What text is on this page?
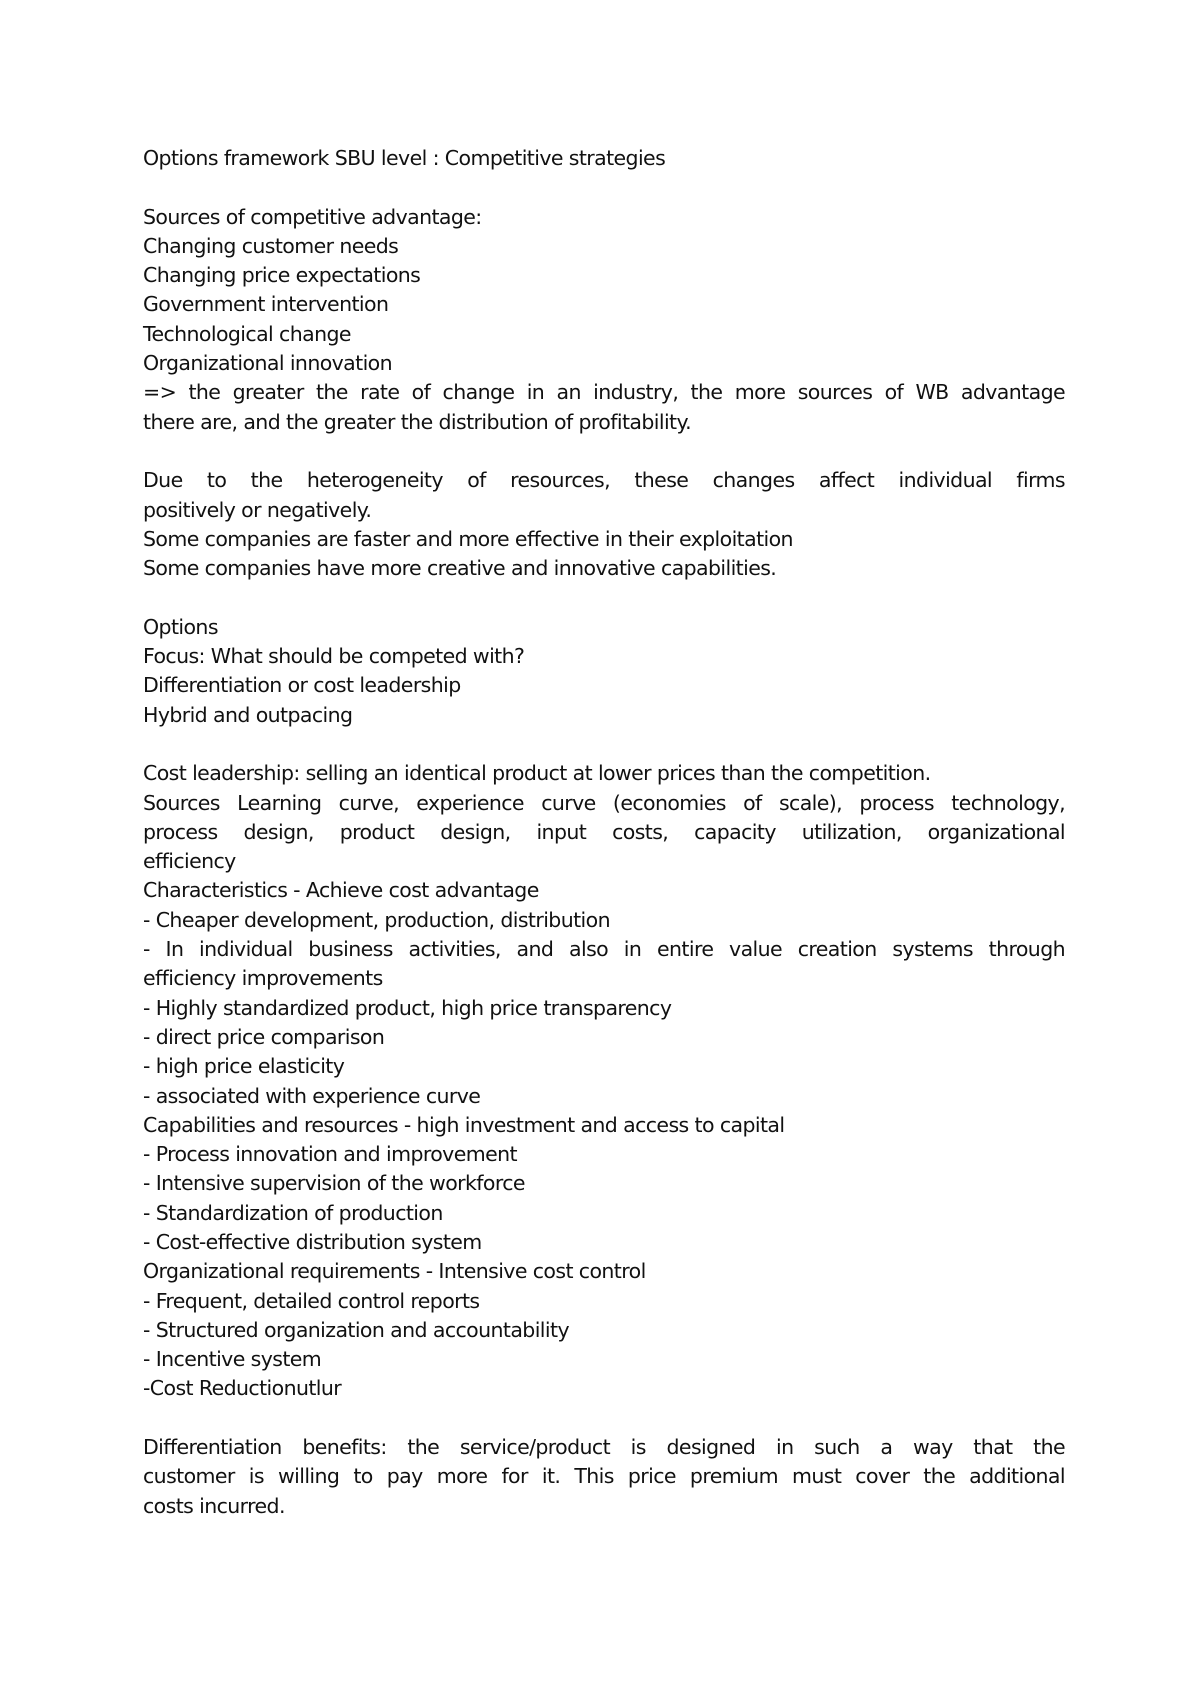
Options framework SBU level : Competitive strategies
Sources of competitive advantage:
Changing customer needs
Changing price expectations
Government intervention
Technological change
Organizational innovation
=> the greater the rate of change in an industry, the more sources of WB advantage
there are, and the greater the distribution of profitability.
Due to the heterogeneity of resources, these changes affect individual firms
positively or negatively.
Some companies are faster and more effective in their exploitation
Some companies have more creative and innovative capabilities.
Options
Focus: What should be competed with?
Differentiation or cost leadership
Hybrid and outpacing
Cost leadership: selling an identical product at lower prices than the competition.
Sources Learning curve, experience curve (economies of scale), process technology,
process design, product design, input costs, capacity utilization, organizational
efficiency
Characteristics - Achieve cost advantage
- Cheaper development, production, distribution
- In individual business activities, and also in entire value creation systems through
efficiency improvements
- Highly standardized product, high price transparency
- direct price comparison
- high price elasticity
- associated with experience curve
Capabilities and resources - high investment and access to capital
- Process innovation and improvement
- Intensive supervision of the workforce
- Standardization of production
- Cost-effective distribution system
Organizational requirements - Intensive cost control
- Frequent, detailed control reports
- Structured organization and accountability
- Incentive system
-Cost Reductionutlur
Differentiation benefits: the service/product is designed in such a way that the
customer is willing to pay more for it. This price premium must cover the additional
costs incurred.
